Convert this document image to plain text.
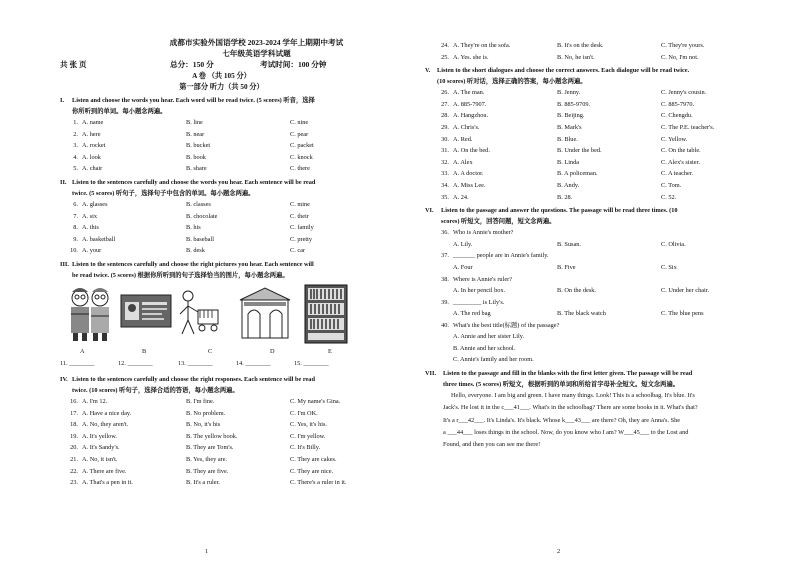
成都市实验外国语学校 2023-2024 学年上期期中考试
七年级英语学科试题
共 张 页	总分：150 分	考试时间：100 分钟
A 卷 （共 105 分）
第一部分 听力（共 50 分）
I. Listen and choose the words you hear. Each word will be read twice. (5 scores) 听音，选择
你所听到的单词。每小题念两遍。
1. A. name	B. line	C. nine
2. A. here	B. near	C. pear
3. A. rocket	B. bucket	C. packet
4. A. look	B. book	C. knock
5. A. chair	B. share	C. there
II. Listen to the sentences carefully and choose the words you hear. Each sentence will be read
twice. (5 scores) 听句子，选择句子中包含的单词。每小题念两遍。
6. A. glasses	B. classes	C. mine
7. A. six	B. chocolate	C. their
8. A. this	B. his	C. family
9. A. basketball	B. baseball	C. pretty
10. A. your	B. desk	C. car
III. Listen to the sentences carefully and choose the right pictures you hear. Each sentence will
be read twice. (5 scores) 根据你所听到的句子选择恰当的图片，每小题念两遍。
A	B	C	D	E
11. ________	12. ________	13. ________	14. ________	15. ________
IV. Listen to the sentences carefully and choose the right responses. Each sentence will be read
twice. (10 scores) 听句子，选择合适的答语，每小题念两遍。
16. A. I'm 12.	B. I'm fine.	C. My name's Gina.
17. A. Have a nice day.	B. No problem.	C. I'm OK.
18. A. No, they aren't.	B. No, it's his	C. Yes, it's his.
19. A. It's yellow.	B. The yellow book.	C. I'm yellow.
20. A. It's Sandy's.	B. They are Tom's.	C. It's Billy.
21. A. No, it isn't.	B. Yes, they are.	C. They are cakes.
22. A. There are five.	B. They are five.	C. They are nice.
23. A. That's a pen in it.	B. It's a ruler.	C. There's a ruler in it.
1
24. A. They're on the sofa.	B. It's on the desk.	C. They're yours.
25. A. Yes. she is.	B. No, he isn't.	C. No, I'm not.
V. Listen to the short dialogues and choose the correct answers. Each dialogue will be read twice.
(10 scores) 听对话，选择正确的答案，每小题念两遍。
26. A. The man.	B. Jenny.	C. Jenny's cousin.
27. A. 885-7907.	B. 885-9709.	C. 885-7970.
28. A. Hangzhou.	B. Beijing.	C. Chengdu.
29. A. Chris's.	B. Mark's	C. The P.E. teacher's.
30. A. Red.	B. Blue.	C. Yellow.
31. A. On the bed.	B. Under the bed.	C. On the table.
32. A. Alex	B. Linda	C. Alex's sister.
33. A. A doctor.	B. A policeman.	C. A teacher.
34. A. Miss Lee.	B. Andy.	C. Tom.
35. A. 24.	B. 28.	C. 52.
VI. Listen to the passage and answer the questions. The passage will be read three times. (10
scores) 听短文，回答问题，短文念两遍。
36. Who is Annie's mother?
A. Lily.	B. Susan.	C. Olivia.
37. _______ people are in Annie's family.
A. Four	B. Five	C. Six
38. Where is Annie's ruler?
A. In her pencil box.	B. On the desk.	C. Under her chair.
39. _________ is Lily's.
A. The red bag	B. The black watch	C. The blue pens
40. What's the best title(标题) of the passage?
A. Annie and her sister Lily.
B. Annie and her school.
C. Annie's family and her room.
VII. Listen to the passage and fill in the blanks with the first letter given. The passage will be read
three times. (5 scores) 听短文，根据听到的单词和所给首字母补全短文。短文念两遍。
Hello, everyone. I am big and green. I have many things. Look! This is a schoolbag. It's blue. It's
Jack's. He lost it in the c___41___. What's in the schoolbag? There are some books in it. What's that?
It's a r___42___. It's Linda's. It's black. Whose k___43___ are there? Oh, they are Anna's. She
a ___44___ loses things in the school. Now, do you know who I am? W___45___ to the Lost and
Found, and then you can see me there!
2
